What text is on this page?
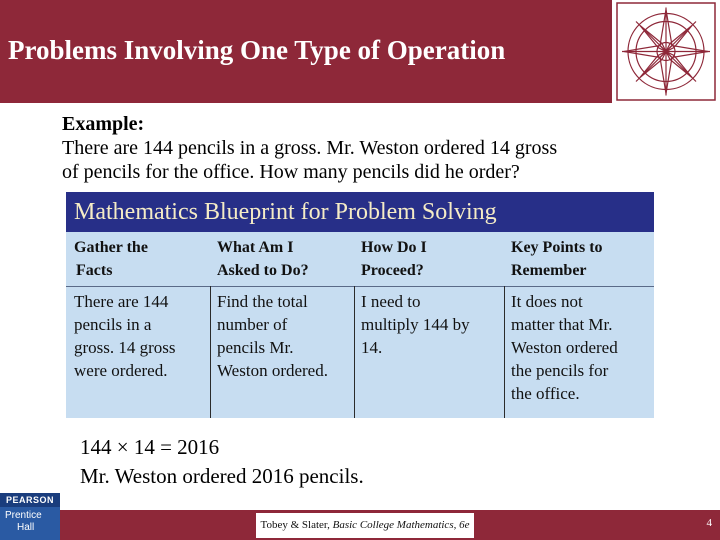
Problems Involving One Type of Operation
Example:
There are 144 pencils in a gross. Mr. Weston ordered 14 gross
of pencils for the office. How many pencils did he order?
Mathematics Blueprint for Problem Solving
Gather the
Facts
What Am I
Asked to Do?
How Do I
Proceed?
Key Points to
Remember
There are 144
pencils in a
gross. 14 gross
were ordered.
Find the total
number of
pencils Mr.
Weston ordered.
I need to
multiply 144 by
14.
It does not
matter that Mr.
Weston ordered
the pencils for
the office.
144 × 14 = 2016
Mr. Weston ordered 2016 pencils.
Tobey & Slater, Basic College Mathematics, 6e	4
PEARSON
Prentice
Hall
